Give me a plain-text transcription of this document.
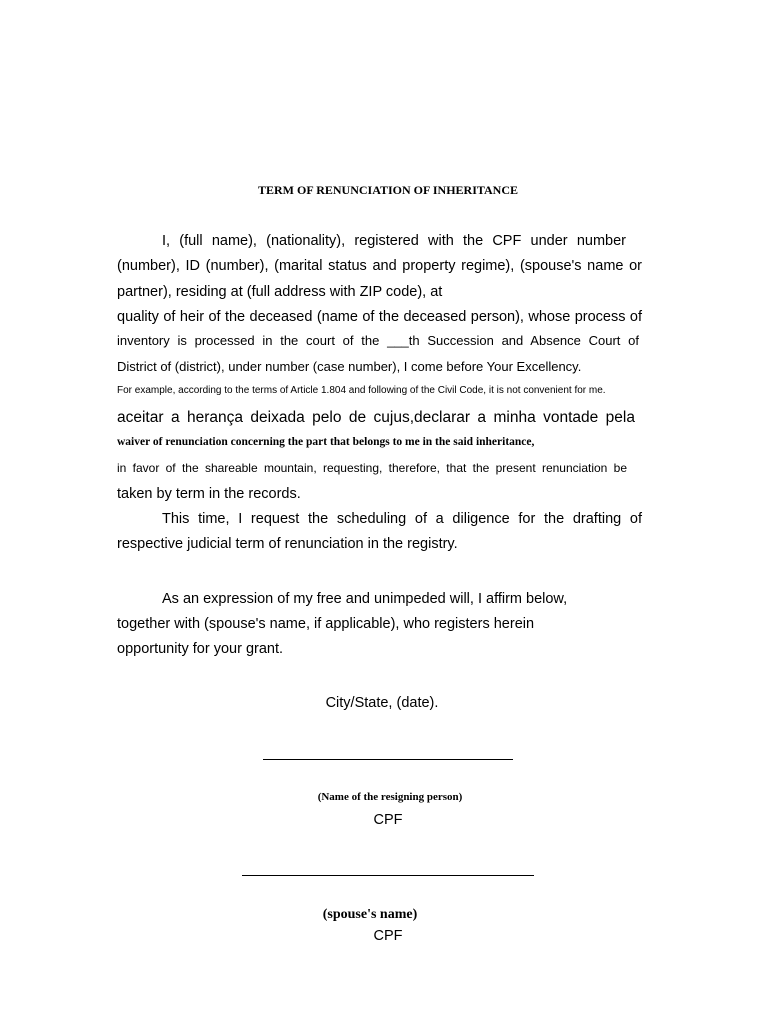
TERM OF RENUNCIATION OF INHERITANCE
I, (full name), (nationality), registered with the CPF under number
(number), ID (number), (marital status and property regime), (spouse's name or
partner), residing at (full address with ZIP code), at
quality of heir of the deceased (name of the deceased person), whose process of
inventory is processed in the court of the ___th Succession and Absence Court of
District of (district), under number (case number), I come before Your Excellency.
For example, according to the terms of Article 1.804 and following of the Civil Code, it is not convenient for me.
aceitar a herança deixada pelo de cujus,declarar a minha vontade pela
waiver of renunciation concerning the part that belongs to me in the said inheritance,
in favor of the shareable mountain, requesting, therefore, that the present renunciation be
taken by term in the records.
This time, I request the scheduling of a diligence for the drafting of
respective judicial term of renunciation in the registry.
As an expression of my free and unimpeded will, I affirm below,
together with (spouse's name, if applicable), who registers herein
opportunity for your grant.
City/State, (date).
(Name of the resigning person)
CPF
(spouse's name)
CPF
